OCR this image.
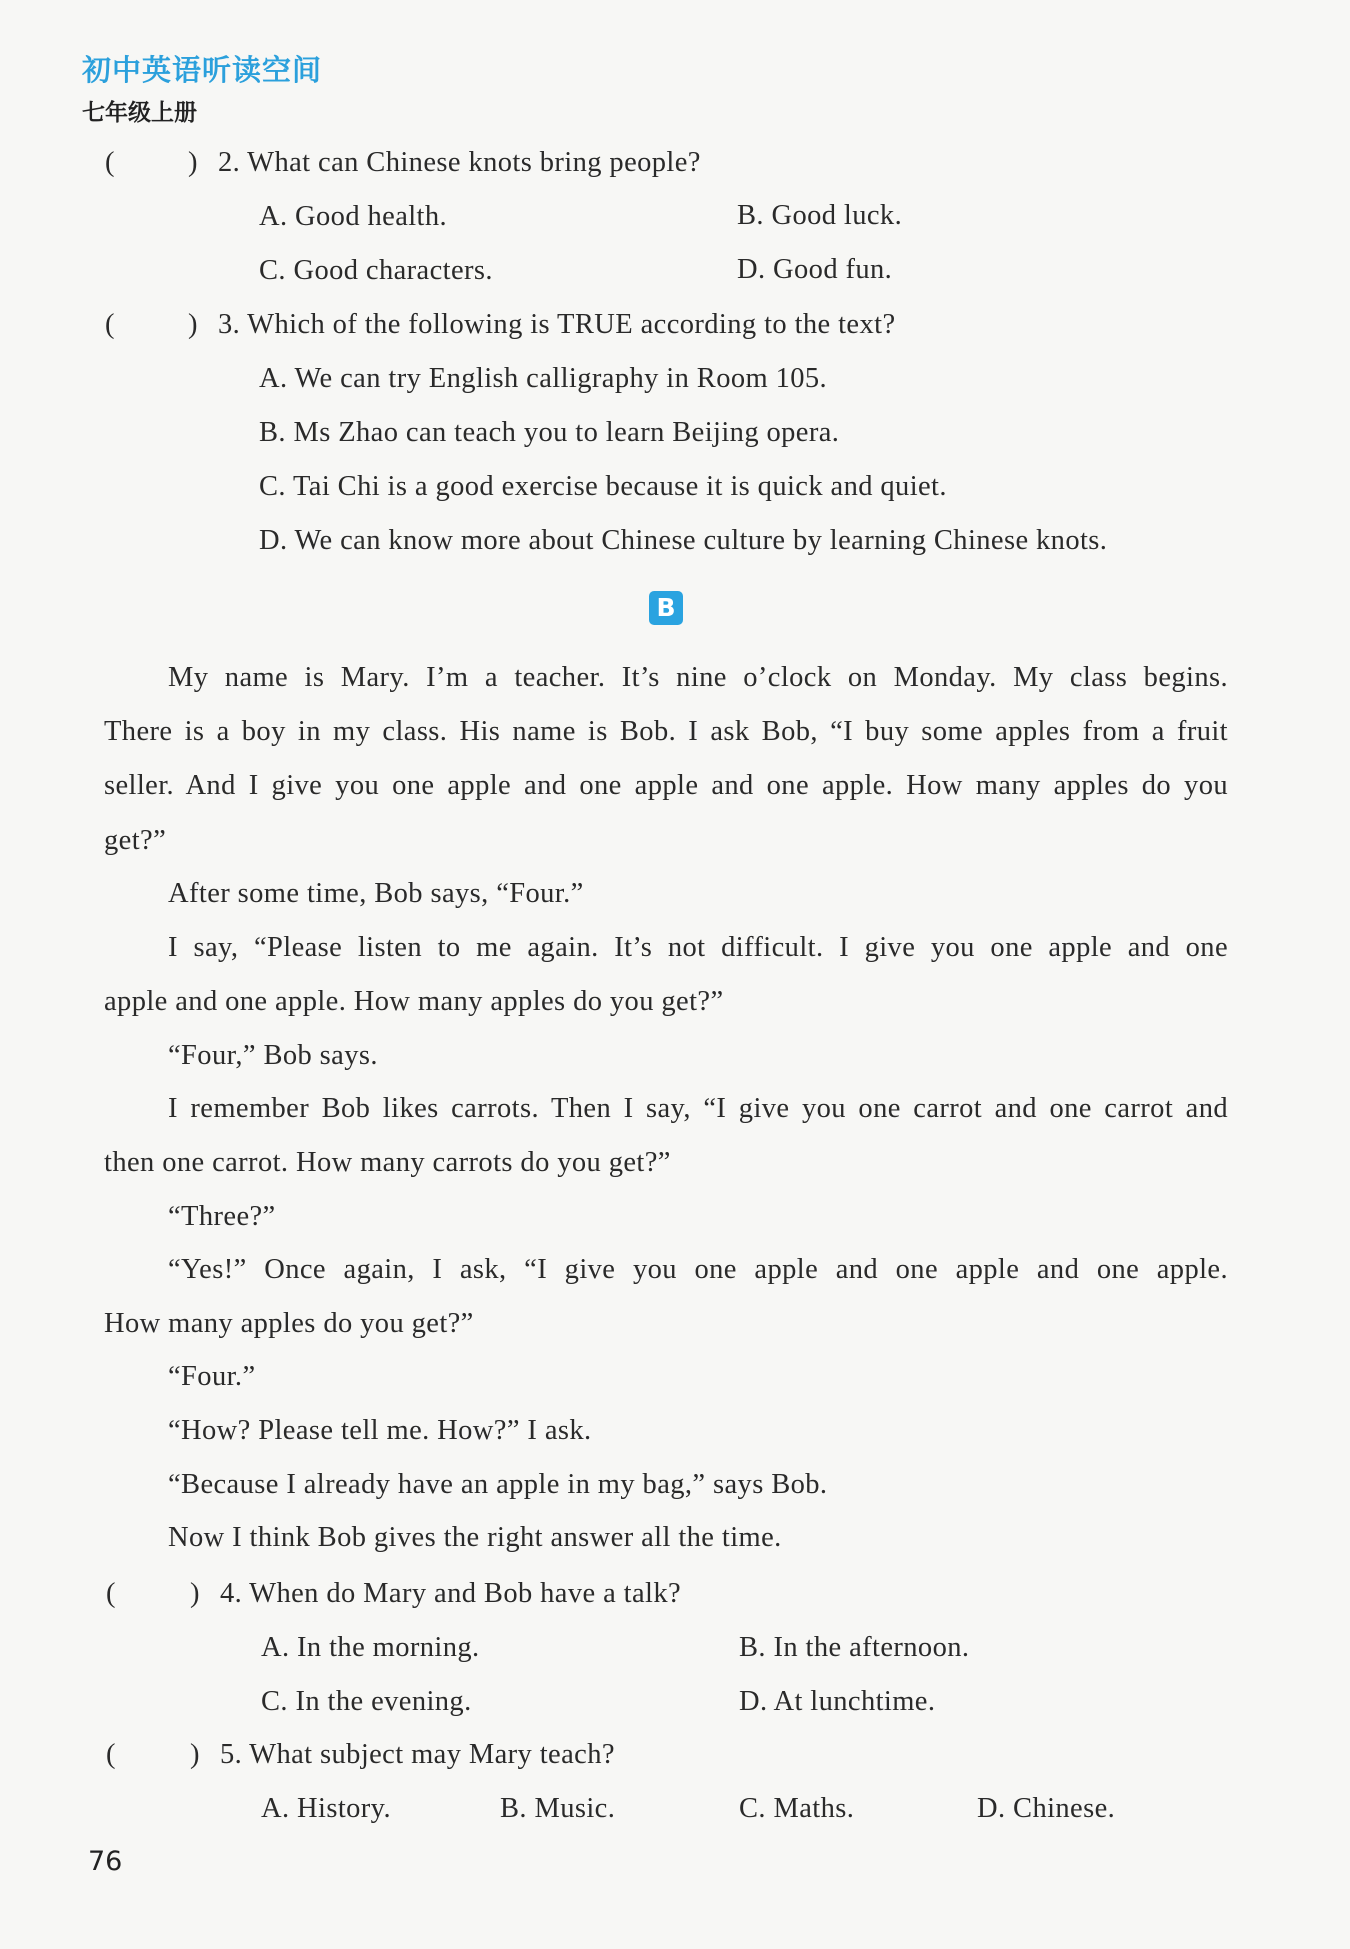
初中英语听读空间
七年级上册
(	) 2. What can Chinese knots bring people?
A. Good health.	B. Good luck.
C. Good characters.	D. Good fun.
(	) 3. Which of the following is TRUE according to the text?
A. We can try English calligraphy in Room 105.
B. Ms Zhao can teach you to learn Beijing opera.
C. Tai Chi is a good exercise because it is quick and quiet.
D. We can know more about Chinese culture by learning Chinese knots.
B
My name is Mary. I’m a teacher. It’s nine o’clock on Monday. My class begins.
There is a boy in my class. His name is Bob. I ask Bob, “I buy some apples from a fruit
seller. And I give you one apple and one apple and one apple. How many apples do you
get?”
After some time, Bob says, “Four.”
I say, “Please listen to me again. It’s not difficult. I give you one apple and one
apple and one apple. How many apples do you get?”
“Four,” Bob says.
I remember Bob likes carrots. Then I say, “I give you one carrot and one carrot and
then one carrot. How many carrots do you get?”
“Three?”
“Yes!” Once again, I ask, “I give you one apple and one apple and one apple.
How many apples do you get?”
“Four.”
“How? Please tell me. How?” I ask.
“Because I already have an apple in my bag,” says Bob.
Now I think Bob gives the right answer all the time.
(	) 4. When do Mary and Bob have a talk?
A. In the morning.	B. In the afternoon.
C. In the evening.	D. At lunchtime.
(	) 5. What subject may Mary teach?
A. History.	B. Music.	C. Maths.	D. Chinese.
76
